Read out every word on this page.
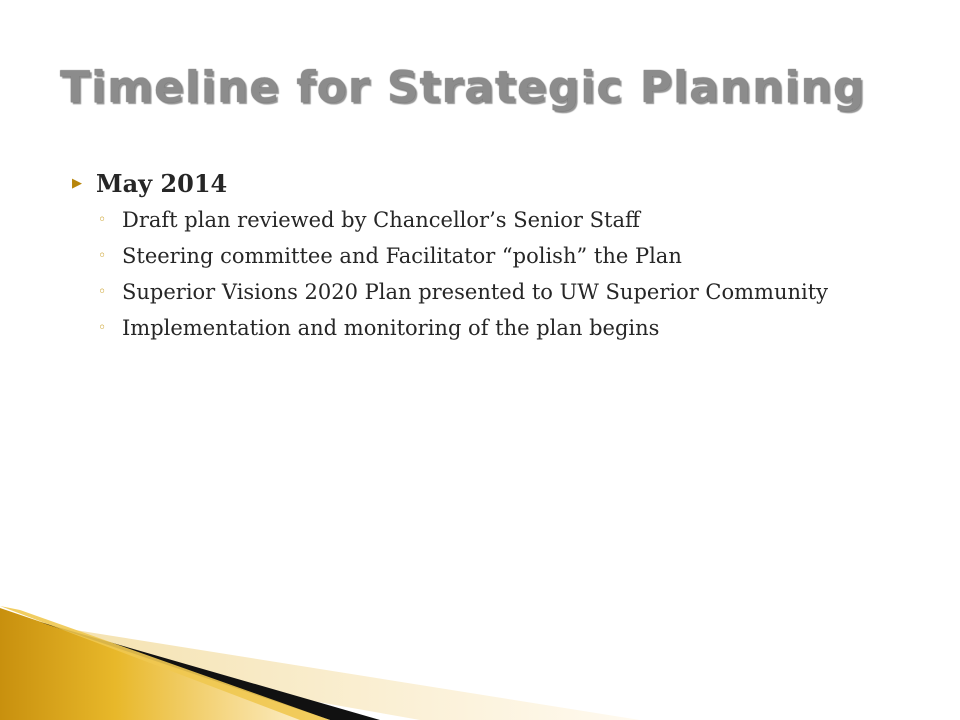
Timeline for Strategic Planning
▶ May 2014
◦ Draft plan reviewed by Chancellor’s Senior Staff
◦ Steering committee and Facilitator “polish” the Plan
◦ Superior Visions 2020 Plan presented to UW Superior Community
◦ Implementation and monitoring of the plan begins
